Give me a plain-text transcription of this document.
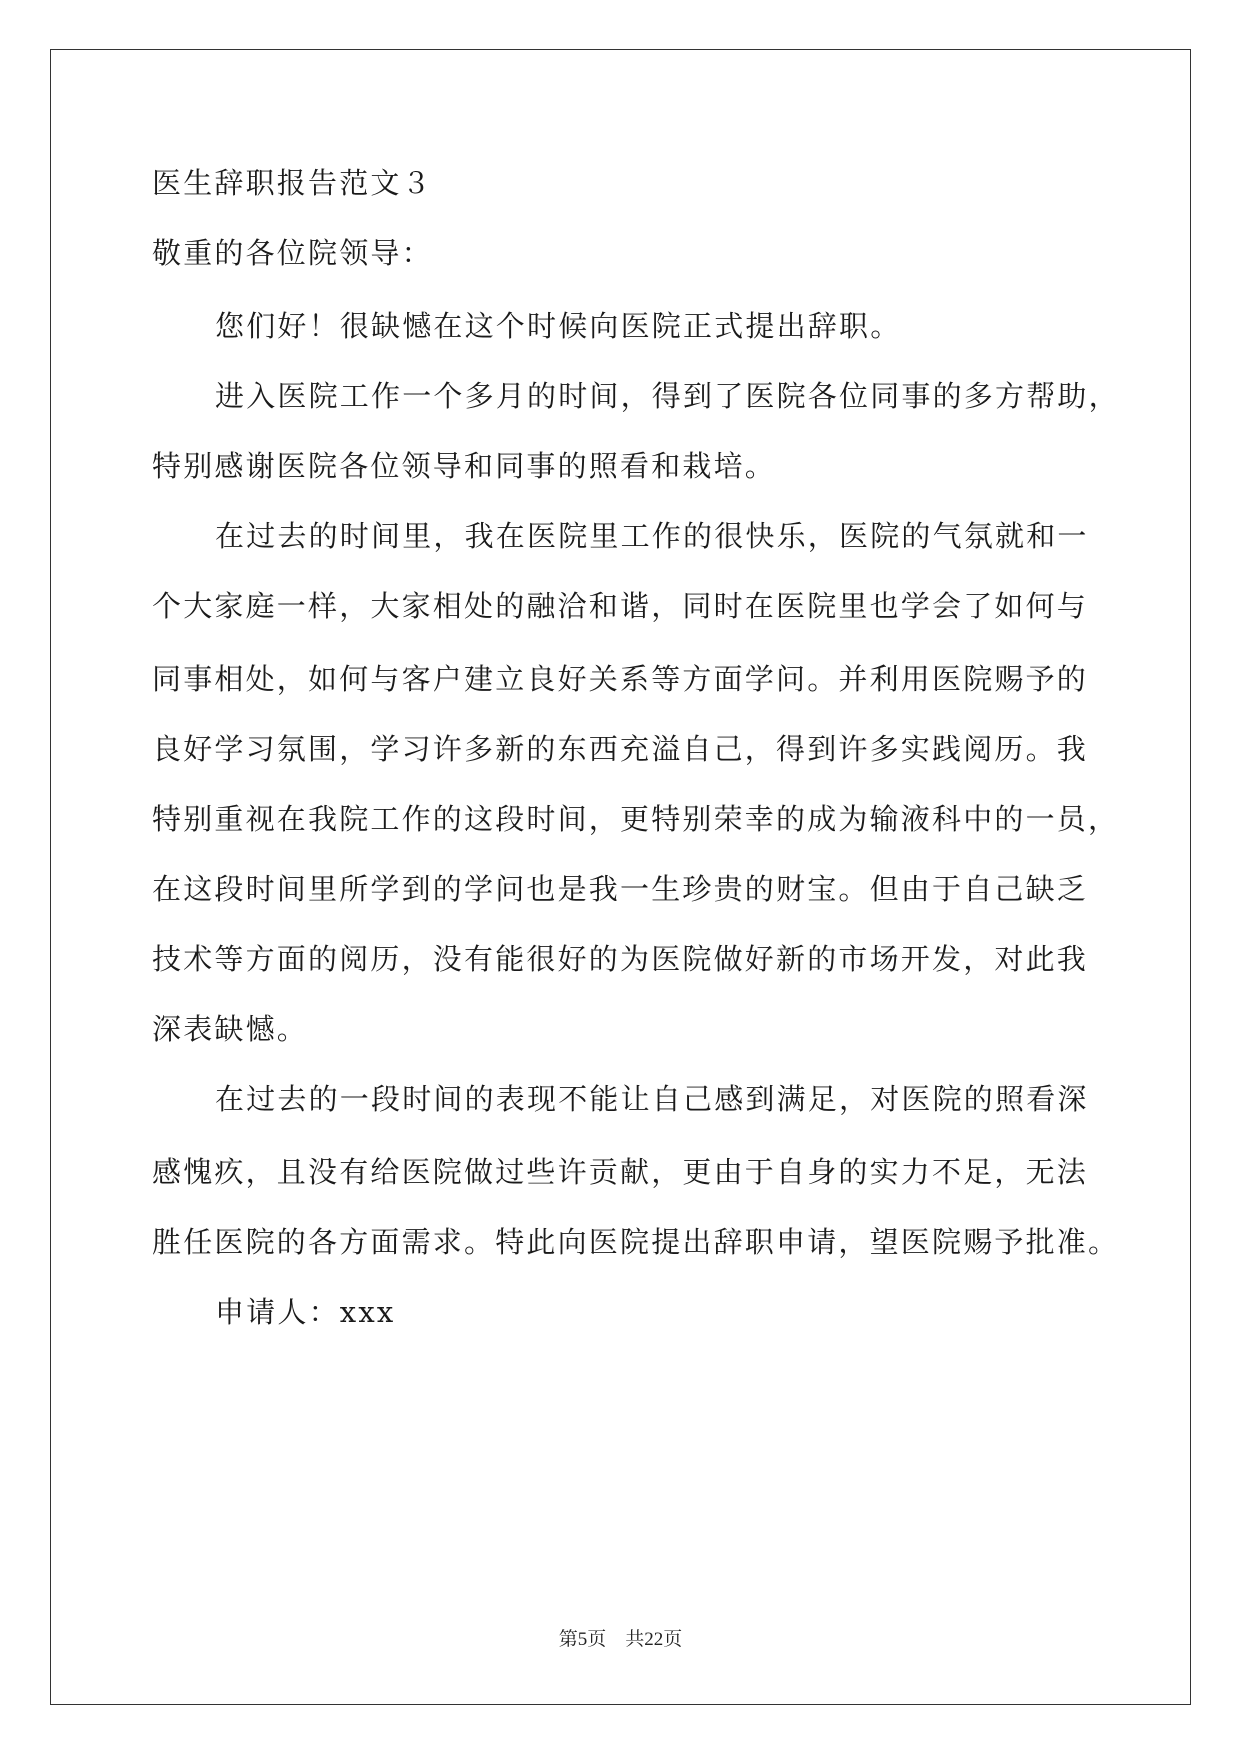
医生辞职报告范文３
敬重的各位院领导：
您们好！很缺憾在这个时候向医院正式提出辞职。
进入医院工作一个多月的时间，得到了医院各位同事的多方帮助，
特别感谢医院各位领导和同事的照看和栽培。
在过去的时间里，我在医院里工作的很快乐，医院的气氛就和一
个大家庭一样，大家相处的融洽和谐，同时在医院里也学会了如何与
同事相处，如何与客户建立良好关系等方面学问。并利用医院赐予的
良好学习氛围，学习许多新的东西充溢自己，得到许多实践阅历。我
特别重视在我院工作的这段时间，更特别荣幸的成为输液科中的一员，
在这段时间里所学到的学问也是我一生珍贵的财宝。但由于自己缺乏
技术等方面的阅历，没有能很好的为医院做好新的市场开发，对此我
深表缺憾。
在过去的一段时间的表现不能让自己感到满足，对医院的照看深
感愧疚，且没有给医院做过些许贡献，更由于自身的实力不足，无法
胜任医院的各方面需求。特此向医院提出辞职申请，望医院赐予批准。
申请人：xxx
第5页　共22页
